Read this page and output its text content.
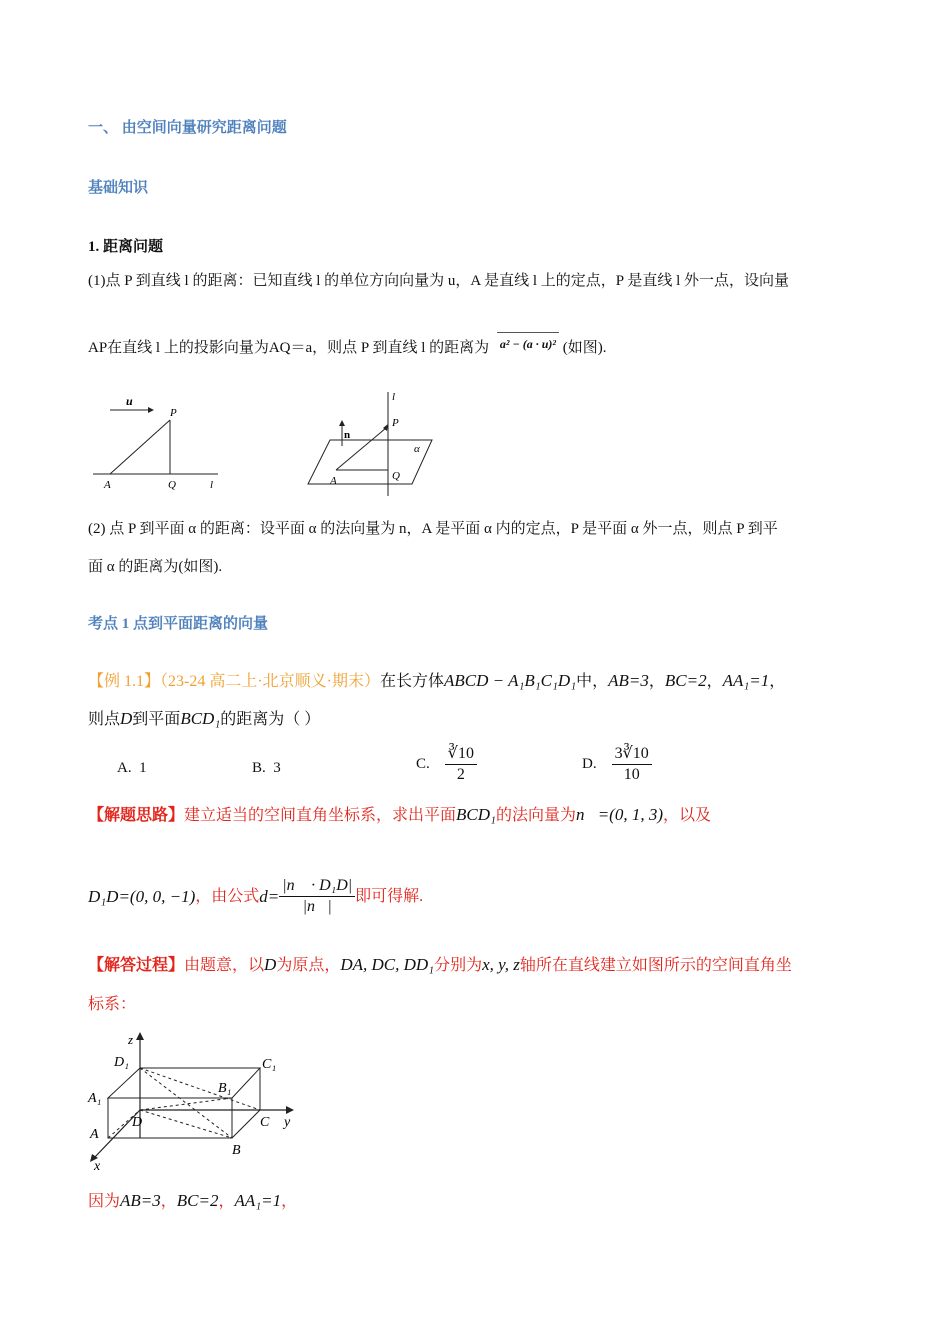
一、 由空间向量研究距离问题
基础知识
1. 距离问题
(1)点 P 到直线 l 的距离：已知直线 l 的单位方向向量为 u，A 是直线 l 上的定点，P 是直线 l 外一点，设向量
AP在直线 l 上的投影向量为AQ＝a，则点 P 到直线 l 的距离为 a² − (a · u)² (如图).
u
P
A	Q	l
l
n
P
α
Q
A
(2) 点 P 到平面 α 的距离：设平面 α 的法向量为 n，A 是平面 α 内的定点，P 是平面 α 外一点，则点 P 到平
面 α 的距离为(如图).
考点 1 点到平面距离的向量
【例 1.1】（23-24 高二上·北京顺义·期末）在长方体ABCD − A₁B₁C₁D₁中，AB=3，BC=2，AA₁=1，
则点D到平面BCD₁的距离为（ ）
A. 1	B. 3	C.
$\frac{∛10}{2}$	D.
$\frac{3∛10}{10}$
【解题思路】建立适当的空间直角坐标系，求出平面BCD₁的法向量为n⃗=(0, 1, 3)，以及
D₁D=(0, 0, −1) ，由公式 $d= \frac{\text{|n⃗ · D₁D|}}{|n⃗|}$ 即可得解.
【解答过程】由题意，以D为原点，DA, DC, DD₁分别为x, y, z轴所在直线建立如图所示的空间直角坐
标系：
z
D₁	C₁
A₁
B₁
D	C y
A
B
x
因为AB=3，BC=2，AA₁=1，
